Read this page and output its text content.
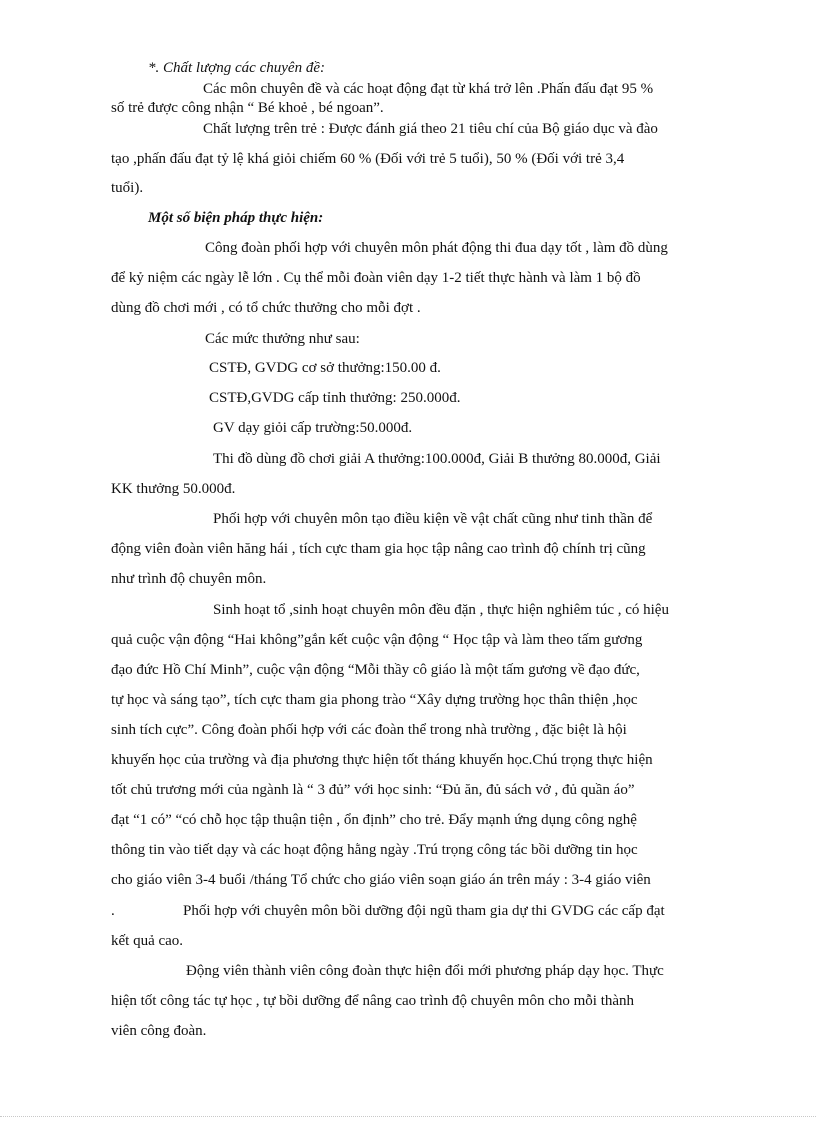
*. Chất lượng các chuyên đề:
Các môn chuyên đề và các hoạt động đạt từ khá trở lên .Phấn đấu đạt 95 %
số trẻ được công nhận “ Bé khoẻ , bé ngoan”.
Chất lượng trên trẻ : Được đánh giá theo 21 tiêu chí của Bộ giáo dục và đào
tạo ,phấn đấu đạt tỷ lệ khá giỏi chiếm 60 % (Đối với trẻ 5 tuổi), 50 % (Đối với trẻ 3,4
tuổi).
Một số biện pháp thực hiện:
Công đoàn phối hợp với chuyên môn phát động thi đua dạy tốt , làm đồ dùng
để kỷ niệm các ngày lễ lớn . Cụ thể mỗi đoàn viên dạy 1-2 tiết thực hành và làm 1 bộ đồ
dùng đồ chơi mới , có tổ chức thưởng cho mỗi đợt .
Các mức thưởng như sau:
CSTĐ, GVDG cơ sở thưởng:150.00 đ.
CSTĐ,GVDG cấp tỉnh thưởng: 250.000đ.
GV dạy giỏi cấp trường:50.000đ.
Thi đồ dùng đồ chơi giải A thưởng:100.000đ, Giải B thưởng 80.000đ, Giải
KK thưởng 50.000đ.
Phối hợp với chuyên môn tạo điều kiện về vật chất cũng như tinh thần để
động viên đoàn viên hăng hái , tích cực tham gia học tập nâng cao trình độ chính trị cũng
như trình độ chuyên môn.
Sinh hoạt tổ ,sinh hoạt chuyên môn đều đặn , thực hiện nghiêm túc , có hiệu
quả cuộc vận động “Hai không”gắn kết cuộc vận động “ Học tập và làm theo tấm gương
đạo đức Hồ Chí Minh”, cuộc vận động “Mỗi thầy cô giáo là một tấm gương về đạo đức,
tự học và sáng tạo”, tích cực tham gia phong trào “Xây dựng trường học thân thiện ,học
sinh tích cực”. Công đoàn phối hợp với các đoàn thể trong nhà trường , đặc biệt là hội
khuyến học của trường và địa phương thực hiện tốt tháng khuyến học.Chú trọng thực hiện
tốt chủ trương mới của ngành là “ 3 đủ” với học sinh: “Đủ ăn, đủ sách vở , đủ quần áo”
đạt “1 có” “có chỗ học tập thuận tiện , ổn định” cho trẻ. Đẩy mạnh ứng dụng công nghệ
thông tin vào tiết dạy và các hoạt động hằng ngày .Trú trọng công tác bồi dưỡng tin học
cho giáo viên 3-4 buổi /tháng Tổ chức cho giáo viên soạn giáo án trên máy : 3-4 giáo viên
.	Phối hợp với chuyên môn bồi dưỡng đội ngũ tham gia dự thi GVDG các cấp đạt
kết quả cao.
Động viên thành viên công đoàn thực hiện đổi mới phương pháp dạy học. Thực
hiện tốt công tác tự học , tự bồi dưỡng để nâng cao trình độ chuyên môn cho mỗi thành
viên công đoàn.
